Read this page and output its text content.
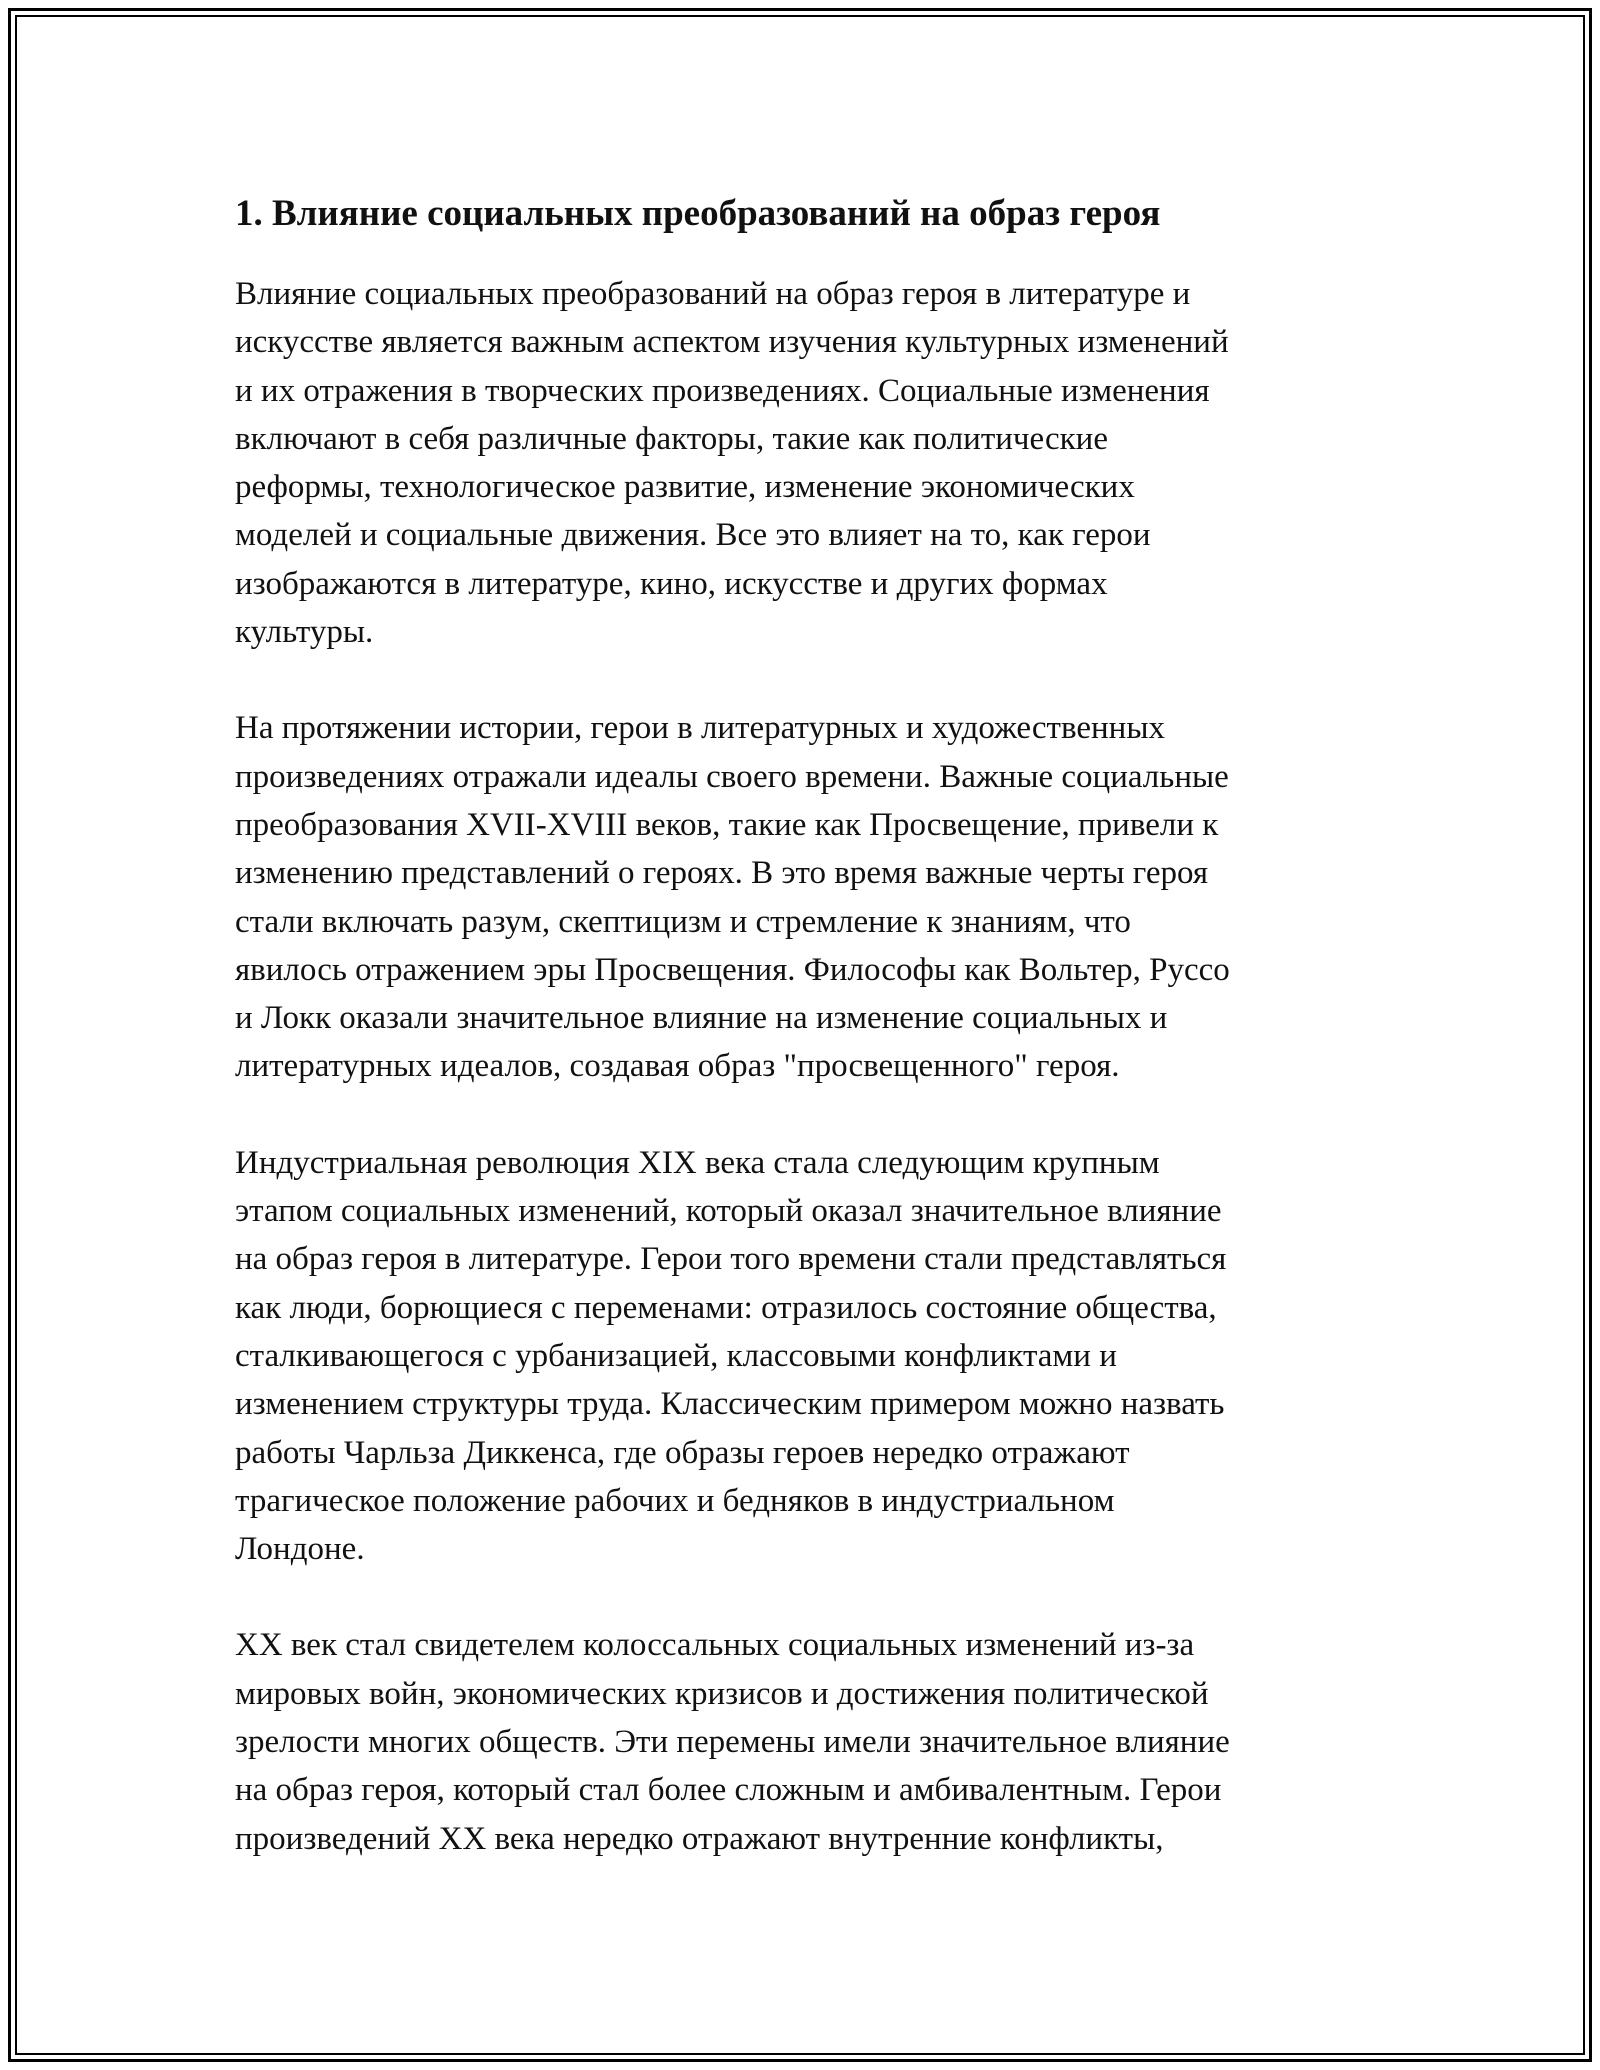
1. Влияние социальных преобразований на образ героя

Влияние социальных преобразований на образ героя в литературе и
искусстве является важным аспектом изучения культурных изменений
и их отражения в творческих произведениях. Социальные изменения
включают в себя различные факторы, такие как политические
реформы, технологическое развитие, изменение экономических
моделей и социальные движения. Все это влияет на то, как герои
изображаются в литературе, кино, искусстве и других формах
культуры.

На протяжении истории, герои в литературных и художественных
произведениях отражали идеалы своего времени. Важные социальные
преобразования XVII-XVIII веков, такие как Просвещение, привели к
изменению представлений о героях. В это время важные черты героя
стали включать разум, скептицизм и стремление к знаниям, что
явилось отражением эры Просвещения. Философы как Вольтер, Руссо
и Локк оказали значительное влияние на изменение социальных и
литературных идеалов, создавая образ "просвещенного" героя.

Индустриальная революция XIX века стала следующим крупным
этапом социальных изменений, который оказал значительное влияние
на образ героя в литературе. Герои того времени стали представляться
как люди, борющиеся с переменами: отразилось состояние общества,
сталкивающегося с урбанизацией, классовыми конфликтами и
изменением структуры труда. Классическим примером можно назвать
работы Чарльза Диккенса, где образы героев нередко отражают
трагическое положение рабочих и бедняков в индустриальном
Лондоне.

XX век стал свидетелем колоссальных социальных изменений из-за
мировых войн, экономических кризисов и достижения политической
зрелости многих обществ. Эти перемены имели значительное влияние
на образ героя, который стал более сложным и амбивалентным. Герои
произведений XX века нередко отражают внутренние конфликты,
